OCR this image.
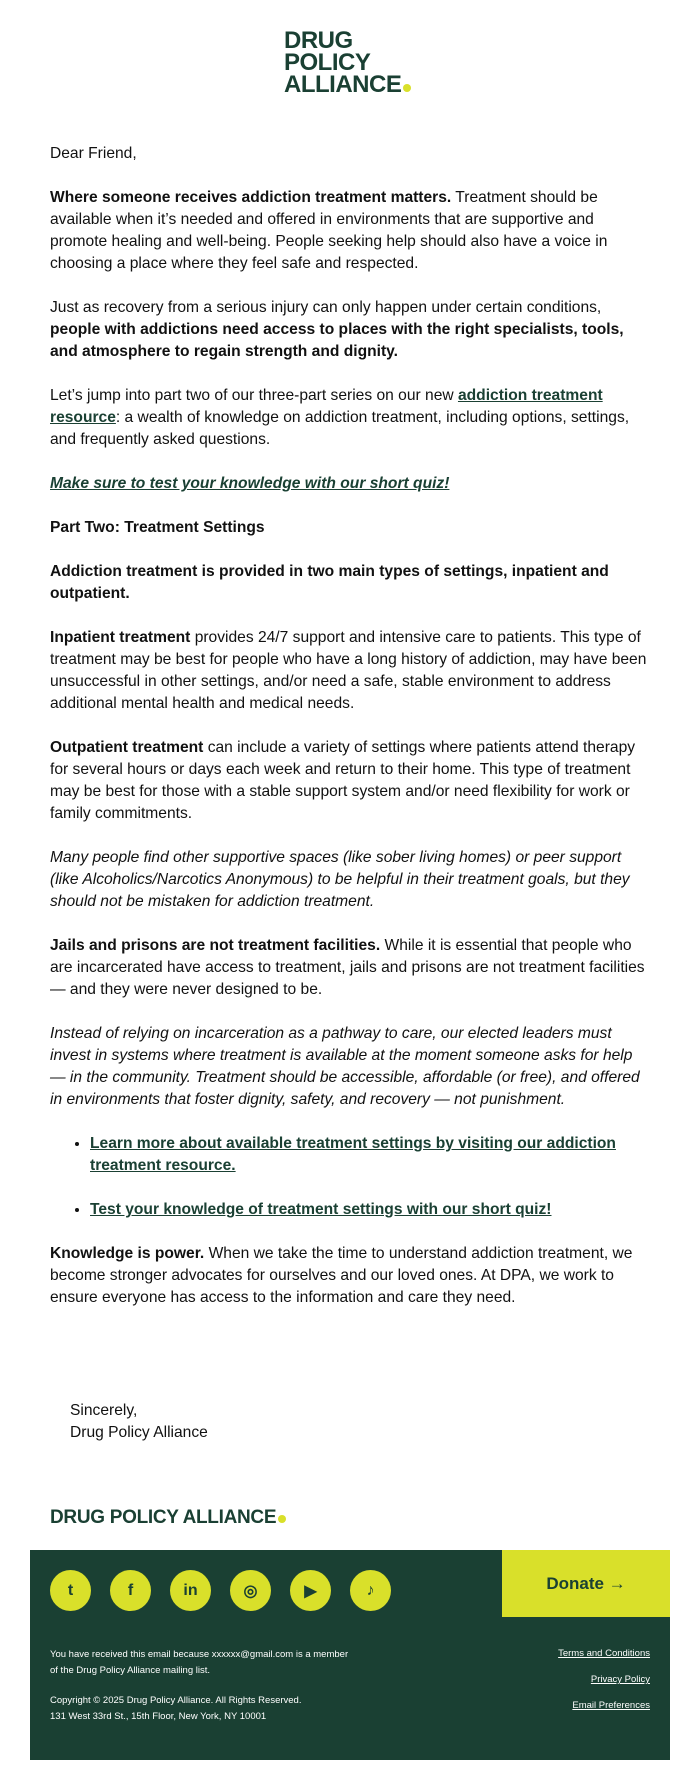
DRUG
POLICY
ALLIANCE

Dear Friend,

Where someone receives addiction treatment matters. Treatment should be available when it’s needed and offered in environments that are supportive and promote healing and well-being. People seeking help should also have a voice in choosing a place where they feel safe and respected.

Just as recovery from a serious injury can only happen under certain conditions, people with addictions need access to places with the right specialists, tools, and atmosphere to regain strength and dignity.

Let’s jump into part two of our three-part series on our new addiction treatment resource: a wealth of knowledge on addiction treatment, including options, settings, and frequently asked questions.

Make sure to test your knowledge with our short quiz!

Part Two: Treatment Settings

Addiction treatment is provided in two main types of settings, inpatient and outpatient.

Inpatient treatment provides 24/7 support and intensive care to patients. This type of treatment may be best for people who have a long history of addiction, may have been unsuccessful in other settings, and/or need a safe, stable environment to address additional mental health and medical needs.

Outpatient treatment can include a variety of settings where patients attend therapy for several hours or days each week and return to their home. This type of treatment may be best for those with a stable support system and/or need flexibility for work or family commitments.

Many people find other supportive spaces (like sober living homes) or peer support (like Alcoholics/Narcotics Anonymous) to be helpful in their treatment goals, but they should not be mistaken for addiction treatment.

Jails and prisons are not treatment facilities. While it is essential that people who are incarcerated have access to treatment, jails and prisons are not treatment facilities — and they were never designed to be.

Instead of relying on incarceration as a pathway to care, our elected leaders must invest in systems where treatment is available at the moment someone asks for help — in the community. Treatment should be accessible, affordable (or free), and offered in environments that foster dignity, safety, and recovery — not punishment.

• Learn more about available treatment settings by visiting our addiction treatment resource.
• Test your knowledge of treatment settings with our short quiz!

Knowledge is power. When we take the time to understand addiction treatment, we become stronger advocates for ourselves and our loved ones. At DPA, we work to ensure everyone has access to the information and care they need.

Sincerely,
Drug Policy Alliance
DRUG POLICY ALLIANCE
t	f	in	◎	▶	♪	Donate →

You have received this email because xxxxxx@gmail.com is a member of the Drug Policy Alliance mailing list.

Copyright © 2025 Drug Policy Alliance. All Rights Reserved.
131 West 33rd St., 15th Floor, New York, NY 10001

Terms and Conditions
Privacy Policy
Email Preferences
